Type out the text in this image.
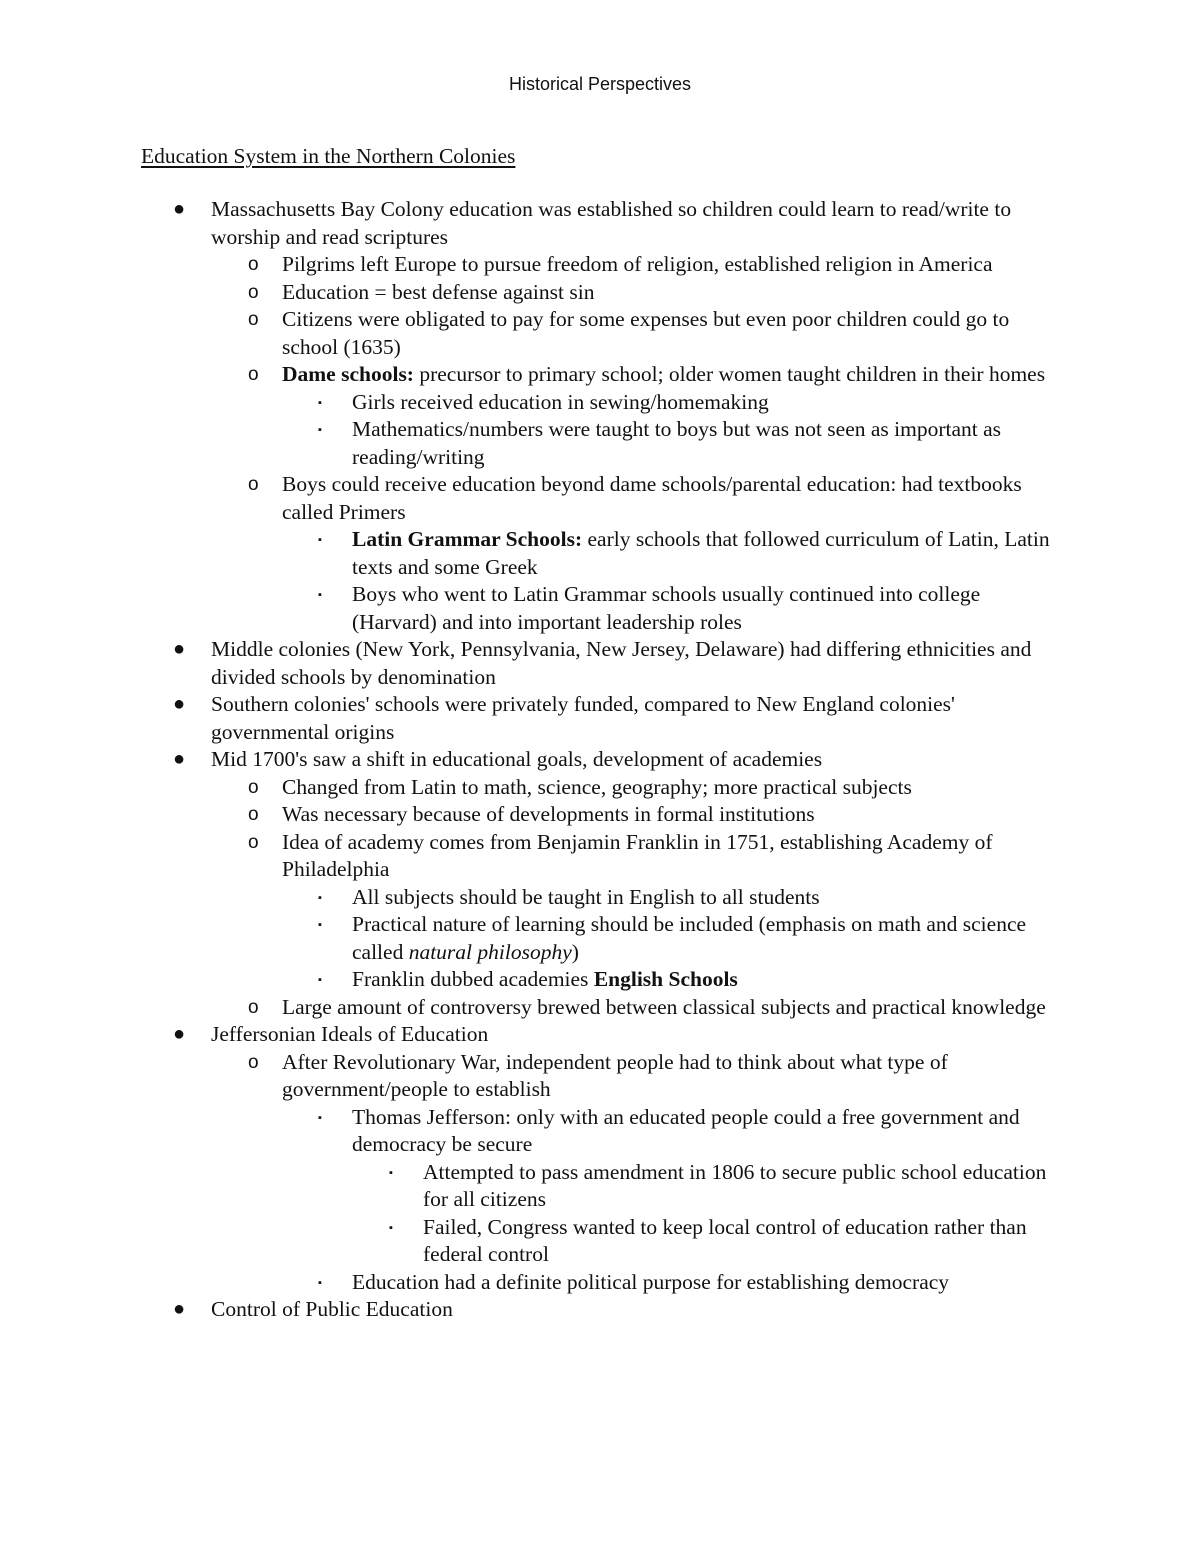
Historical Perspectives
Education System in the Northern Colonies
● Massachusetts Bay Colony education was established so children could learn to read/write to worship and read scriptures
o Pilgrims left Europe to pursue freedom of religion, established religion in America
o Education = best defense against sin
o Citizens were obligated to pay for some expenses but even poor children could go to school (1635)
o Dame schools: precursor to primary school; older women taught children in their homes
▪ Girls received education in sewing/homemaking
▪ Mathematics/numbers were taught to boys but was not seen as important as reading/writing
o Boys could receive education beyond dame schools/parental education: had textbooks called Primers
▪ Latin Grammar Schools: early schools that followed curriculum of Latin, Latin texts and some Greek
▪ Boys who went to Latin Grammar schools usually continued into college (Harvard) and into important leadership roles
● Middle colonies (New York, Pennsylvania, New Jersey, Delaware) had differing ethnicities and divided schools by denomination
● Southern colonies' schools were privately funded, compared to New England colonies' governmental origins
● Mid 1700's saw a shift in educational goals, development of academies
o Changed from Latin to math, science, geography; more practical subjects
o Was necessary because of developments in formal institutions
o Idea of academy comes from Benjamin Franklin in 1751, establishing Academy of Philadelphia
▪ All subjects should be taught in English to all students
▪ Practical nature of learning should be included (emphasis on math and science called natural philosophy)
▪ Franklin dubbed academies English Schools
o Large amount of controversy brewed between classical subjects and practical knowledge
● Jeffersonian Ideals of Education
o After Revolutionary War, independent people had to think about what type of government/people to establish
▪ Thomas Jefferson: only with an educated people could a free government and democracy be secure
▪ Attempted to pass amendment in 1806 to secure public school education for all citizens
▪ Failed, Congress wanted to keep local control of education rather than federal control
▪ Education had a definite political purpose for establishing democracy
● Control of Public Education
